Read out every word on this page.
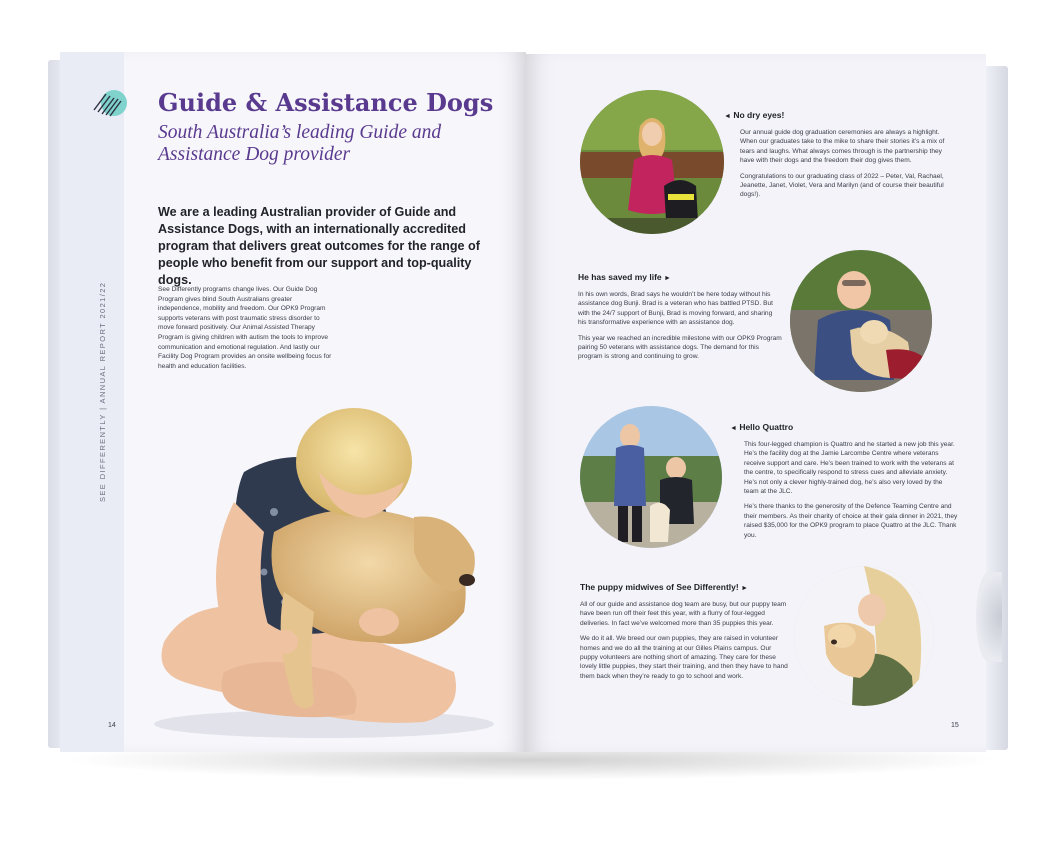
SEE DIFFERENTLY | ANNUAL REPORT 2021/22
Guide & Assistance Dogs
South Australia’s leading Guide and Assistance Dog provider
We are a leading Australian provider of Guide and Assistance Dogs, with an internationally accredited program that delivers great outcomes for the range of people who benefit from our support and top-quality dogs.
See Differently programs change lives. Our Guide Dog Program gives blind South Australians greater independence, mobility and freedom. Our OPK9 Program supports veterans with post traumatic stress disorder to move forward positively. Our Animal Assisted Therapy Program is giving children with autism the tools to improve communication and emotional regulation. And lastly our Facility Dog Program provides an onsite wellbeing focus for health and education facilities.
14
◄ No dry eyes!

Our annual guide dog graduation ceremonies are always a highlight. When our graduates take to the mike to share their stories it’s a mix of tears and laughs. What always comes through is the partnership they have with their dogs and the freedom their dog gives them.

Congratulations to our graduating class of 2022 – Peter, Val, Rachael, Jeanette, Janet, Violet, Vera and Marilyn (and of course their beautiful dogs!).

He has saved my life ►

In his own words, Brad says he wouldn’t be here today without his assistance dog Bunji. Brad is a veteran who has battled PTSD. But with the 24/7 support of Bunji, Brad is moving forward, and sharing his transformative experience with an assistance dog.

This year we reached an incredible milestone with our OPK9 Program pairing 50 veterans with assistance dogs. The demand for this program is strong and continuing to grow.

◄ Hello Quattro

This four-legged champion is Quattro and he started a new job this year. He’s the facility dog at the Jamie Larcombe Centre where veterans receive support and care. He’s been trained to work with the veterans at the centre, to specifically respond to stress cues and alleviate anxiety. He’s not only a clever highly-trained dog, he’s also very loved by the team at the JLC.

He’s there thanks to the generosity of the Defence Teaming Centre and their members. As their charity of choice at their gala dinner in 2021, they raised $35,000 for the OPK9 program to place Quattro at the JLC. Thank you.

The puppy midwives of See Differently! ►

All of our guide and assistance dog team are busy, but our puppy team have been run off their feet this year, with a flurry of four-legged deliveries. In fact we’ve welcomed more than 35 puppies this year.

We do it all. We breed our own puppies, they are raised in volunteer homes and we do all the training at our Gilles Plains campus. Our puppy volunteers are nothing short of amazing. They care for these lovely little puppies, they start their training, and then they have to hand them back when they’re ready to go to school and work.

15
